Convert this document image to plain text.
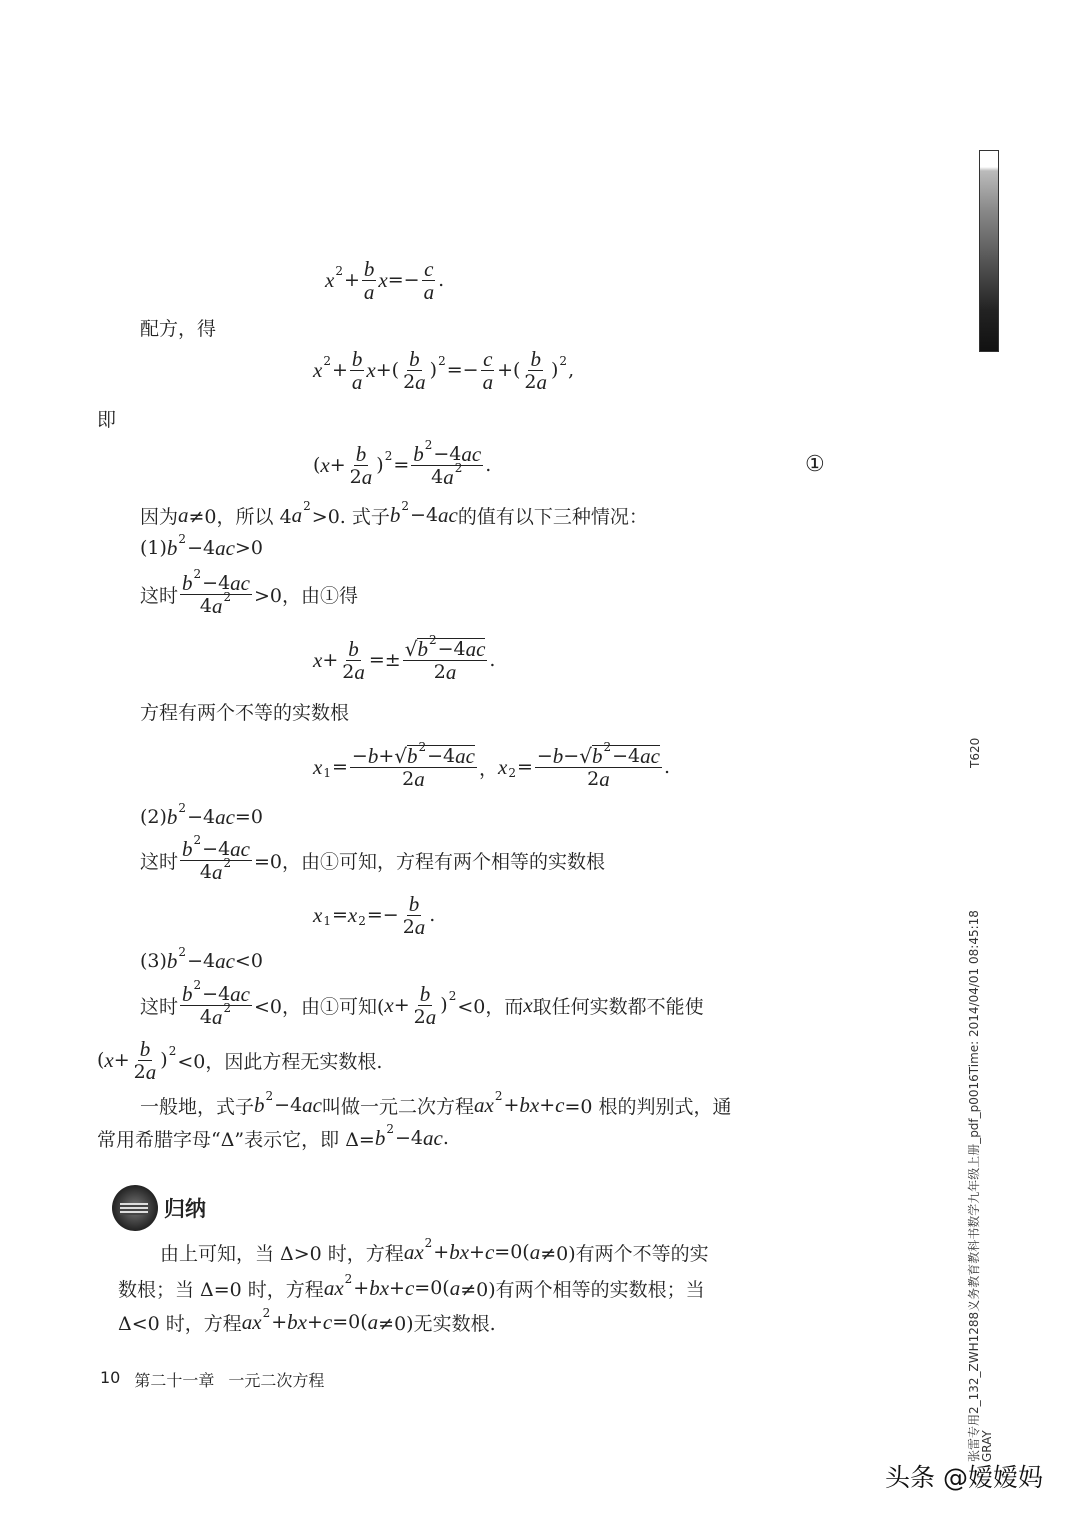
x $2 + \frac{b}{a}$ $x =- \frac{c}{a}$ .
配方，得
x $2 + \frac{b}{a}$ x +( $\frac{b}{2 a}$ ) $2 =- \frac{c}{a}$ +( $\frac{b}{2 a}$ ) 2 ,
即
( $x + \frac{b}{2 a}$ ) $2 = \frac{b 2 -4 ac}{4 a 2}$ .	①
因为 a ≠0，所以 4 a 2 >0. 式子 b 2 −4 ac 的值有以下三种情况：
(1) b 2 −4 ac >0
这时 $\frac{b 2 -4 ac}{4 a 2} >0$，由①得
$x + \frac{b}{2 a} =\pm \frac{√ b 2 -4 ac}{2 a}$ .
方程有两个不等的实数根
x $1 = \frac{- b + √ b 2 -4 ac}{2 a}$ ， x $2 = \frac{- b - √ b 2 -4 ac}{2 a}$ .
(2) b 2 −4 ac =0
这时 $\frac{b 2 -4 ac}{4 a 2} =0$，由①可知，方程有两个相等的实数根
x 1 = x $2 =- \frac{b}{2 a}$ .
(3) b 2 −4 ac <0
这时 $\frac{b 2 -4 ac}{4 a 2} <0$，由①可知( $x + \frac{b}{2 a}$ ) 2 <0，而 x 取任何实数都不能使
( $x + \frac{b}{2 a}$ ) 2 <0，因此方程无实数根.
一般地，式子 b 2 −4 ac 叫做一元二次方程 ax 2 + bx + c =0 根的判别式，通
常用希腊字母“Δ”表示它，即 Δ= b 2 −4 ac .
归纳
由上可知，当 Δ>0 时，方程 ax 2 + bx + c =0( a ≠0)有两个不等的实
数根；当 Δ=0 时，方程 ax 2 + bx + c =0( a ≠0)有两个相等的实数根；当
Δ<0 时，方程 ax 2 + bx + c =0( a ≠0)无实数根.
10 第二十一章 一元二次方程
T620
张雷专用2_132_ZWH1288义务教育教科书数学九年级上册_pdf_p0016Time: 2014/04/01 08:45:18 GRAY
头条 @嫒嫒妈
